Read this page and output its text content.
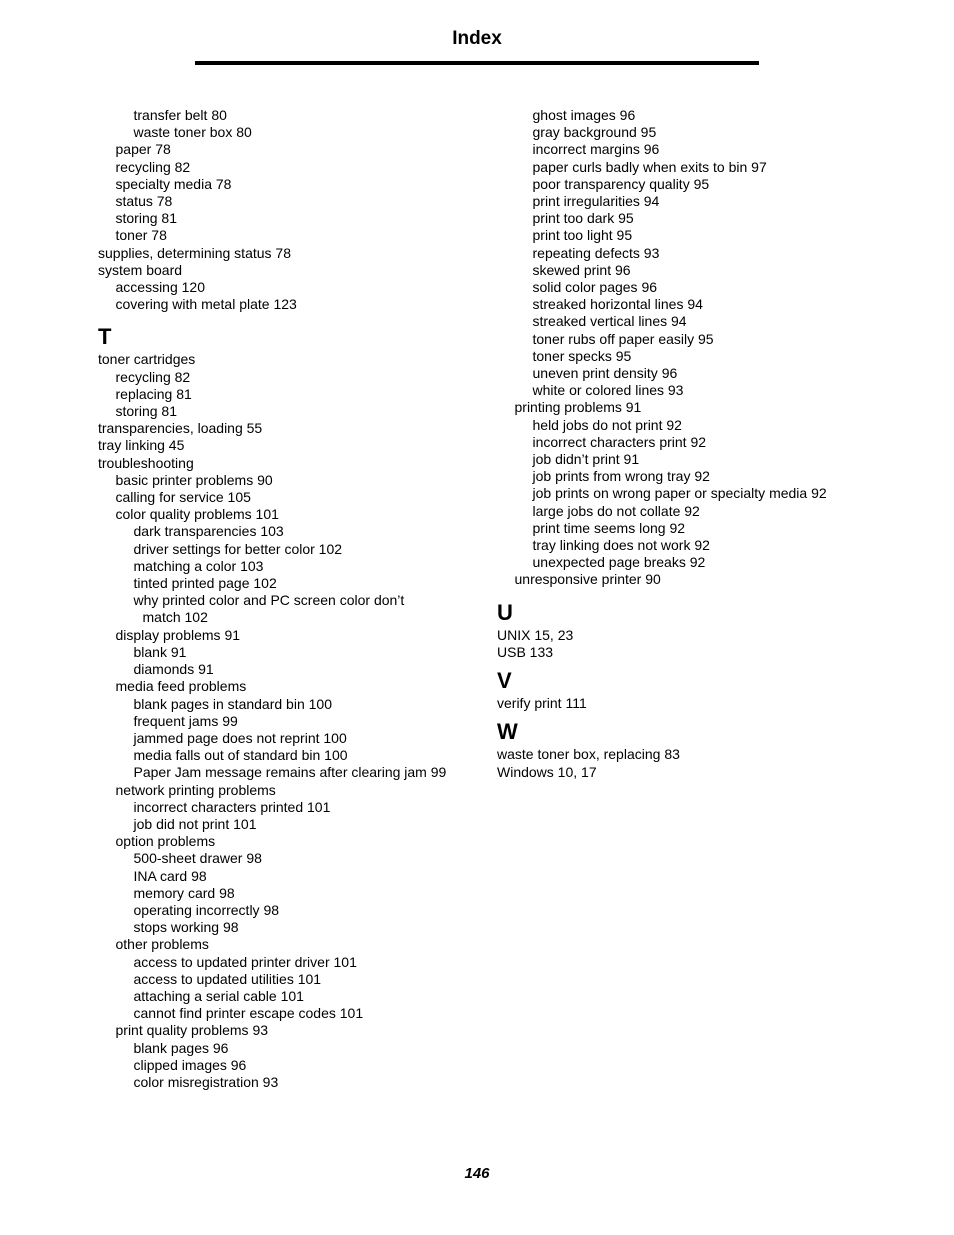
Index
transfer belt 80
waste toner box 80
paper 78
recycling 82
specialty media 78
status 78
storing 81
toner 78
supplies, determining status 78
system board
accessing 120
covering with metal plate 123
T
toner cartridges
recycling 82
replacing 81
storing 81
transparencies, loading 55
tray linking 45
troubleshooting
basic printer problems 90
calling for service 105
color quality problems 101
dark transparencies 103
driver settings for better color 102
matching a color 103
tinted printed page 102
why printed color and PC screen color don’t
match 102
display problems 91
blank 91
diamonds 91
media feed problems
blank pages in standard bin 100
frequent jams 99
jammed page does not reprint 100
media falls out of standard bin 100
Paper Jam message remains after clearing jam 99
network printing problems
incorrect characters printed 101
job did not print 101
option problems
500-sheet drawer 98
INA card 98
memory card 98
operating incorrectly 98
stops working 98
other problems
access to updated printer driver 101
access to updated utilities 101
attaching a serial cable 101
cannot find printer escape codes 101
print quality problems 93
blank pages 96
clipped images 96
color misregistration 93
ghost images 96
gray background 95
incorrect margins 96
paper curls badly when exits to bin 97
poor transparency quality 95
print irregularities 94
print too dark 95
print too light 95
repeating defects 93
skewed print 96
solid color pages 96
streaked horizontal lines 94
streaked vertical lines 94
toner rubs off paper easily 95
toner specks 95
uneven print density 96
white or colored lines 93
printing problems 91
held jobs do not print 92
incorrect characters print 92
job didn’t print 91
job prints from wrong tray 92
job prints on wrong paper or specialty media 92
large jobs do not collate 92
print time seems long 92
tray linking does not work 92
unexpected page breaks 92
unresponsive printer 90
U
UNIX 15, 23
USB 133
V
verify print 111
W
waste toner box, replacing 83
Windows 10, 17
146
